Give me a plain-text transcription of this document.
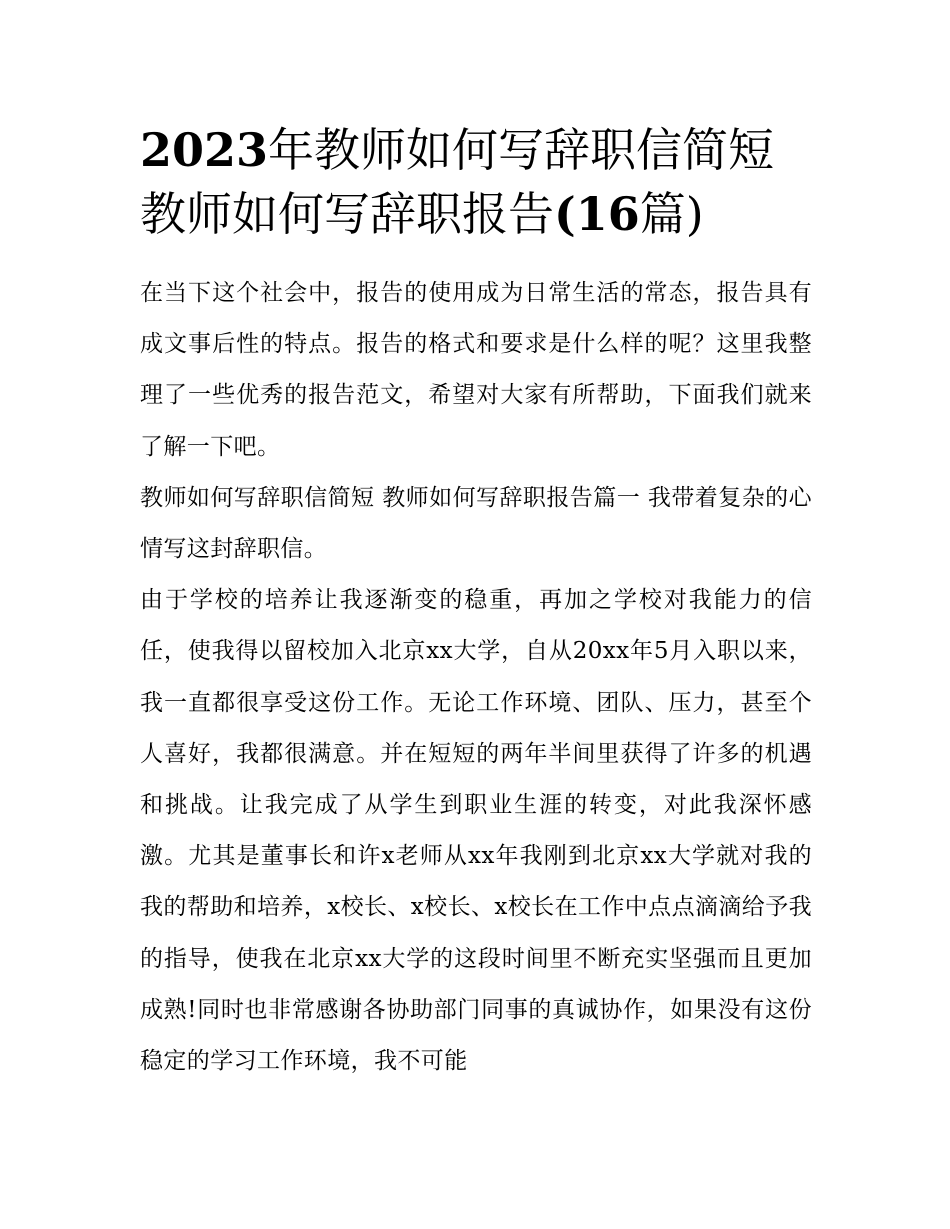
2023年教师如何写辞职信简短
教师如何写辞职报告(16篇)

在当下这个社会中，报告的使用成为日常生活的常态，报告具有成文事后性的特点。报告的格式和要求是什么样的呢？这里我整理了一些优秀的报告范文，希望对大家有所帮助，下面我们就来了解一下吧。

教师如何写辞职信简短 教师如何写辞职报告篇一 我带着复杂的心情写这封辞职信。

由于学校的培养让我逐渐变的稳重，再加之学校对我能力的信任，使我得以留校加入北京xx大学，自从20xx年5月入职以来，我一直都很享受这份工作。无论工作环境、团队、压力，甚至个人喜好，我都很满意。并在短短的两年半间里获得了许多的机遇和挑战。让我完成了从学生到职业生涯的转变，对此我深怀感激。尤其是董事长和许x老师从xx年我刚到北京xx大学就对我的我的帮助和培养，x校长、x校长、x校长在工作中点点滴滴给予我的指导，使我在北京xx大学的这段时间里不断充实坚强而且更加成熟!同时也非常感谢各协助部门同事的真诚协作，如果没有这份稳定的学习工作环境，我不可能
